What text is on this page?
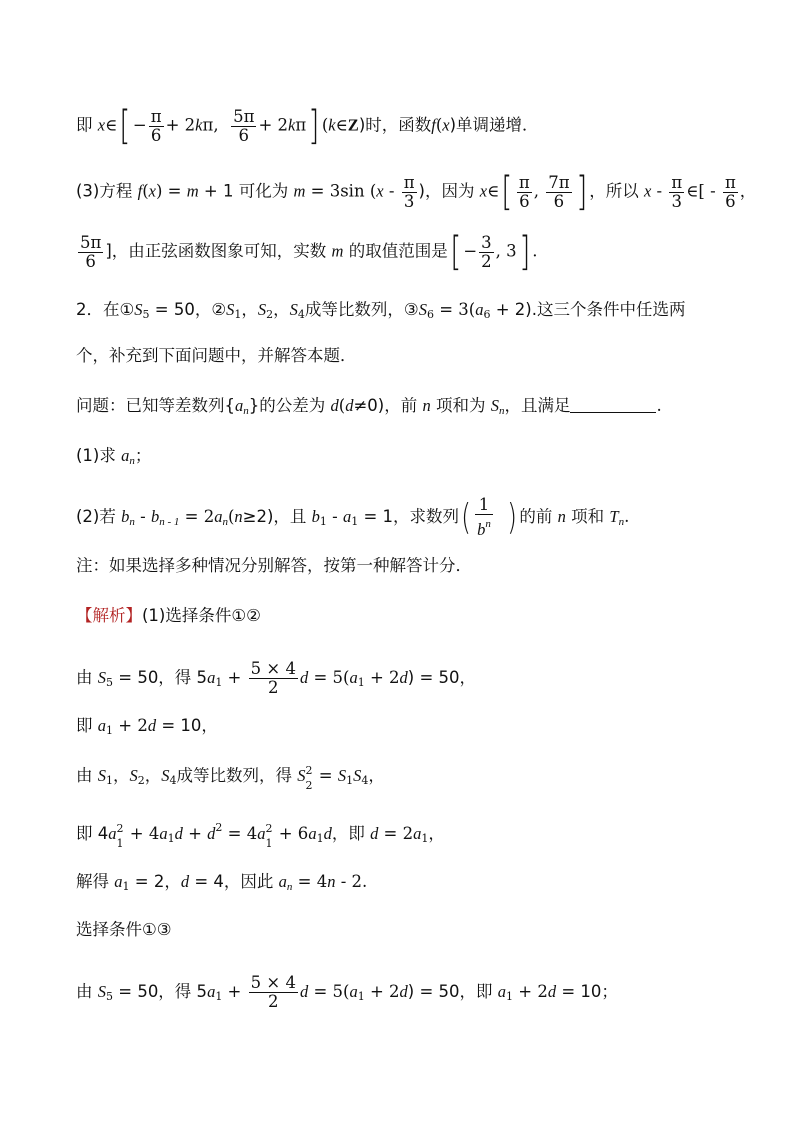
即 x∈[ − $\frac{\pi}{6} + 2k\pi$, $\frac{5\pi}{6} + 2k\pi$] (k∈Z)时，函数f(x)单调递增．
(3)方程 f(x) = m + 1 可化为 m = 3sin ($x - \frac{\pi}{3}$ )，因为 x∈[ $\frac{\pi}{6}$ , $\frac{7\pi}{6}$ ] ，所以 x - $\frac{\pi}{3}$ ∈[ - $\frac{\pi}{6}$ ，
$\frac{5\pi}{6}$ ]，由正弦函数图象可知，实数 m 的取值范围是[ − $\frac{3}{2}$ , 3] .
2．在$①S_5 = 50$，$②S_1$，$S_2$，$S_4$成等比数列，$③S_6 = 3(a_6 + 2)$.这三个条件中任选两
个，补充到下面问题中，并解答本题．
问题：已知等差数列$\{a_n\}$的公差为 d(d≠0)，前 n 项和为 $S_n$，且满足	.
(1)求 $a_n$；
(2)若 $b_n - b_{n - 1} = 2a_n(n\ge 2)$，且 $b_1 - a_1 = 1$，求数列( $\frac{1}{b^n}$ ) 的前 n 项和 $T_n$.
注：如果选择多种情况分别解答，按第一种解答计分．
【解析】(1)选择条件①②
由 $S_5 = 50$，得 $5a_1 + \frac{5 \times 4}{2}$ $d = 5(a_1 + 2d) = 50$，
即 $a_1 + 2d = 10$，
由 $S_1$，$S_2$，$S_4$成等比数列，得 S 2
$2 = S_1S_4$，
即 4a 2
$1 + 4a_1d + d^2 = 4a$ 2
$1 + 6a_1d$，即 $d = 2a_1$，
解得 $a_1 = 2$，d = 4，因此 $a_n = 4n - 2$.
选择条件①③
由 $S_5 = 50$，得 $5a_1 + \frac{5 \times 4}{2}$ $d = 5(a_1 + 2d) = 50$，即 $a_1 + 2d = 10$；
